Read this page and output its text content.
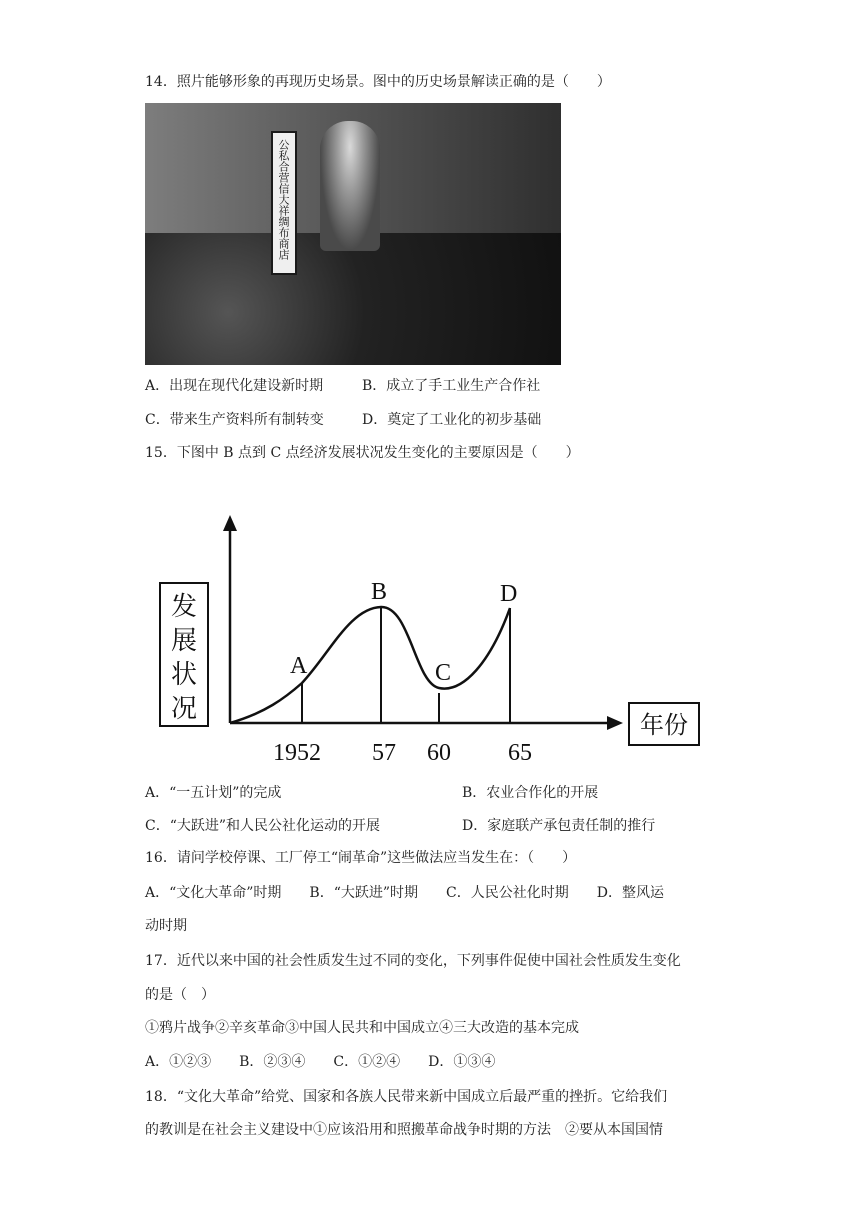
14．照片能够形象的再现历史场景。图中的历史场景解读正确的是（　　）
公私合营信大祥绸布商店
A．出现在现代化建设新时期	B．成立了手工业生产合作社
C．带来生产资料所有制转变	D．奠定了工业化的初步基础
15．下图中 B 点到 C 点经济发展状况发生变化的主要原因是（　　）
发展状况
年份
A
B
C
D
1952 57 60 65
A．“一五计划”的完成	B．农业合作化的开展
C．“大跃进”和人民公社化运动的开展	D．家庭联产承包责任制的推行
16．请问学校停课、工厂停工“闹革命”这些做法应当发生在：（　　）
A．“文化大革命”时期　　B．“大跃进”时期　　C．人民公社化时期　　D．整风运
动时期
17．近代以来中国的社会性质发生过不同的变化，下列事件促使中国社会性质发生变化
的是（　）
①鸦片战争②辛亥革命③中国人民共和中国成立④三大改造的基本完成
A．①②③　　B．②③④　　C．①②④　　D．①③④
18．“文化大革命”给党、国家和各族人民带来新中国成立后最严重的挫折。它给我们
的教训是在社会主义建设中①应该沿用和照搬革命战争时期的方法　②要从本国国情
